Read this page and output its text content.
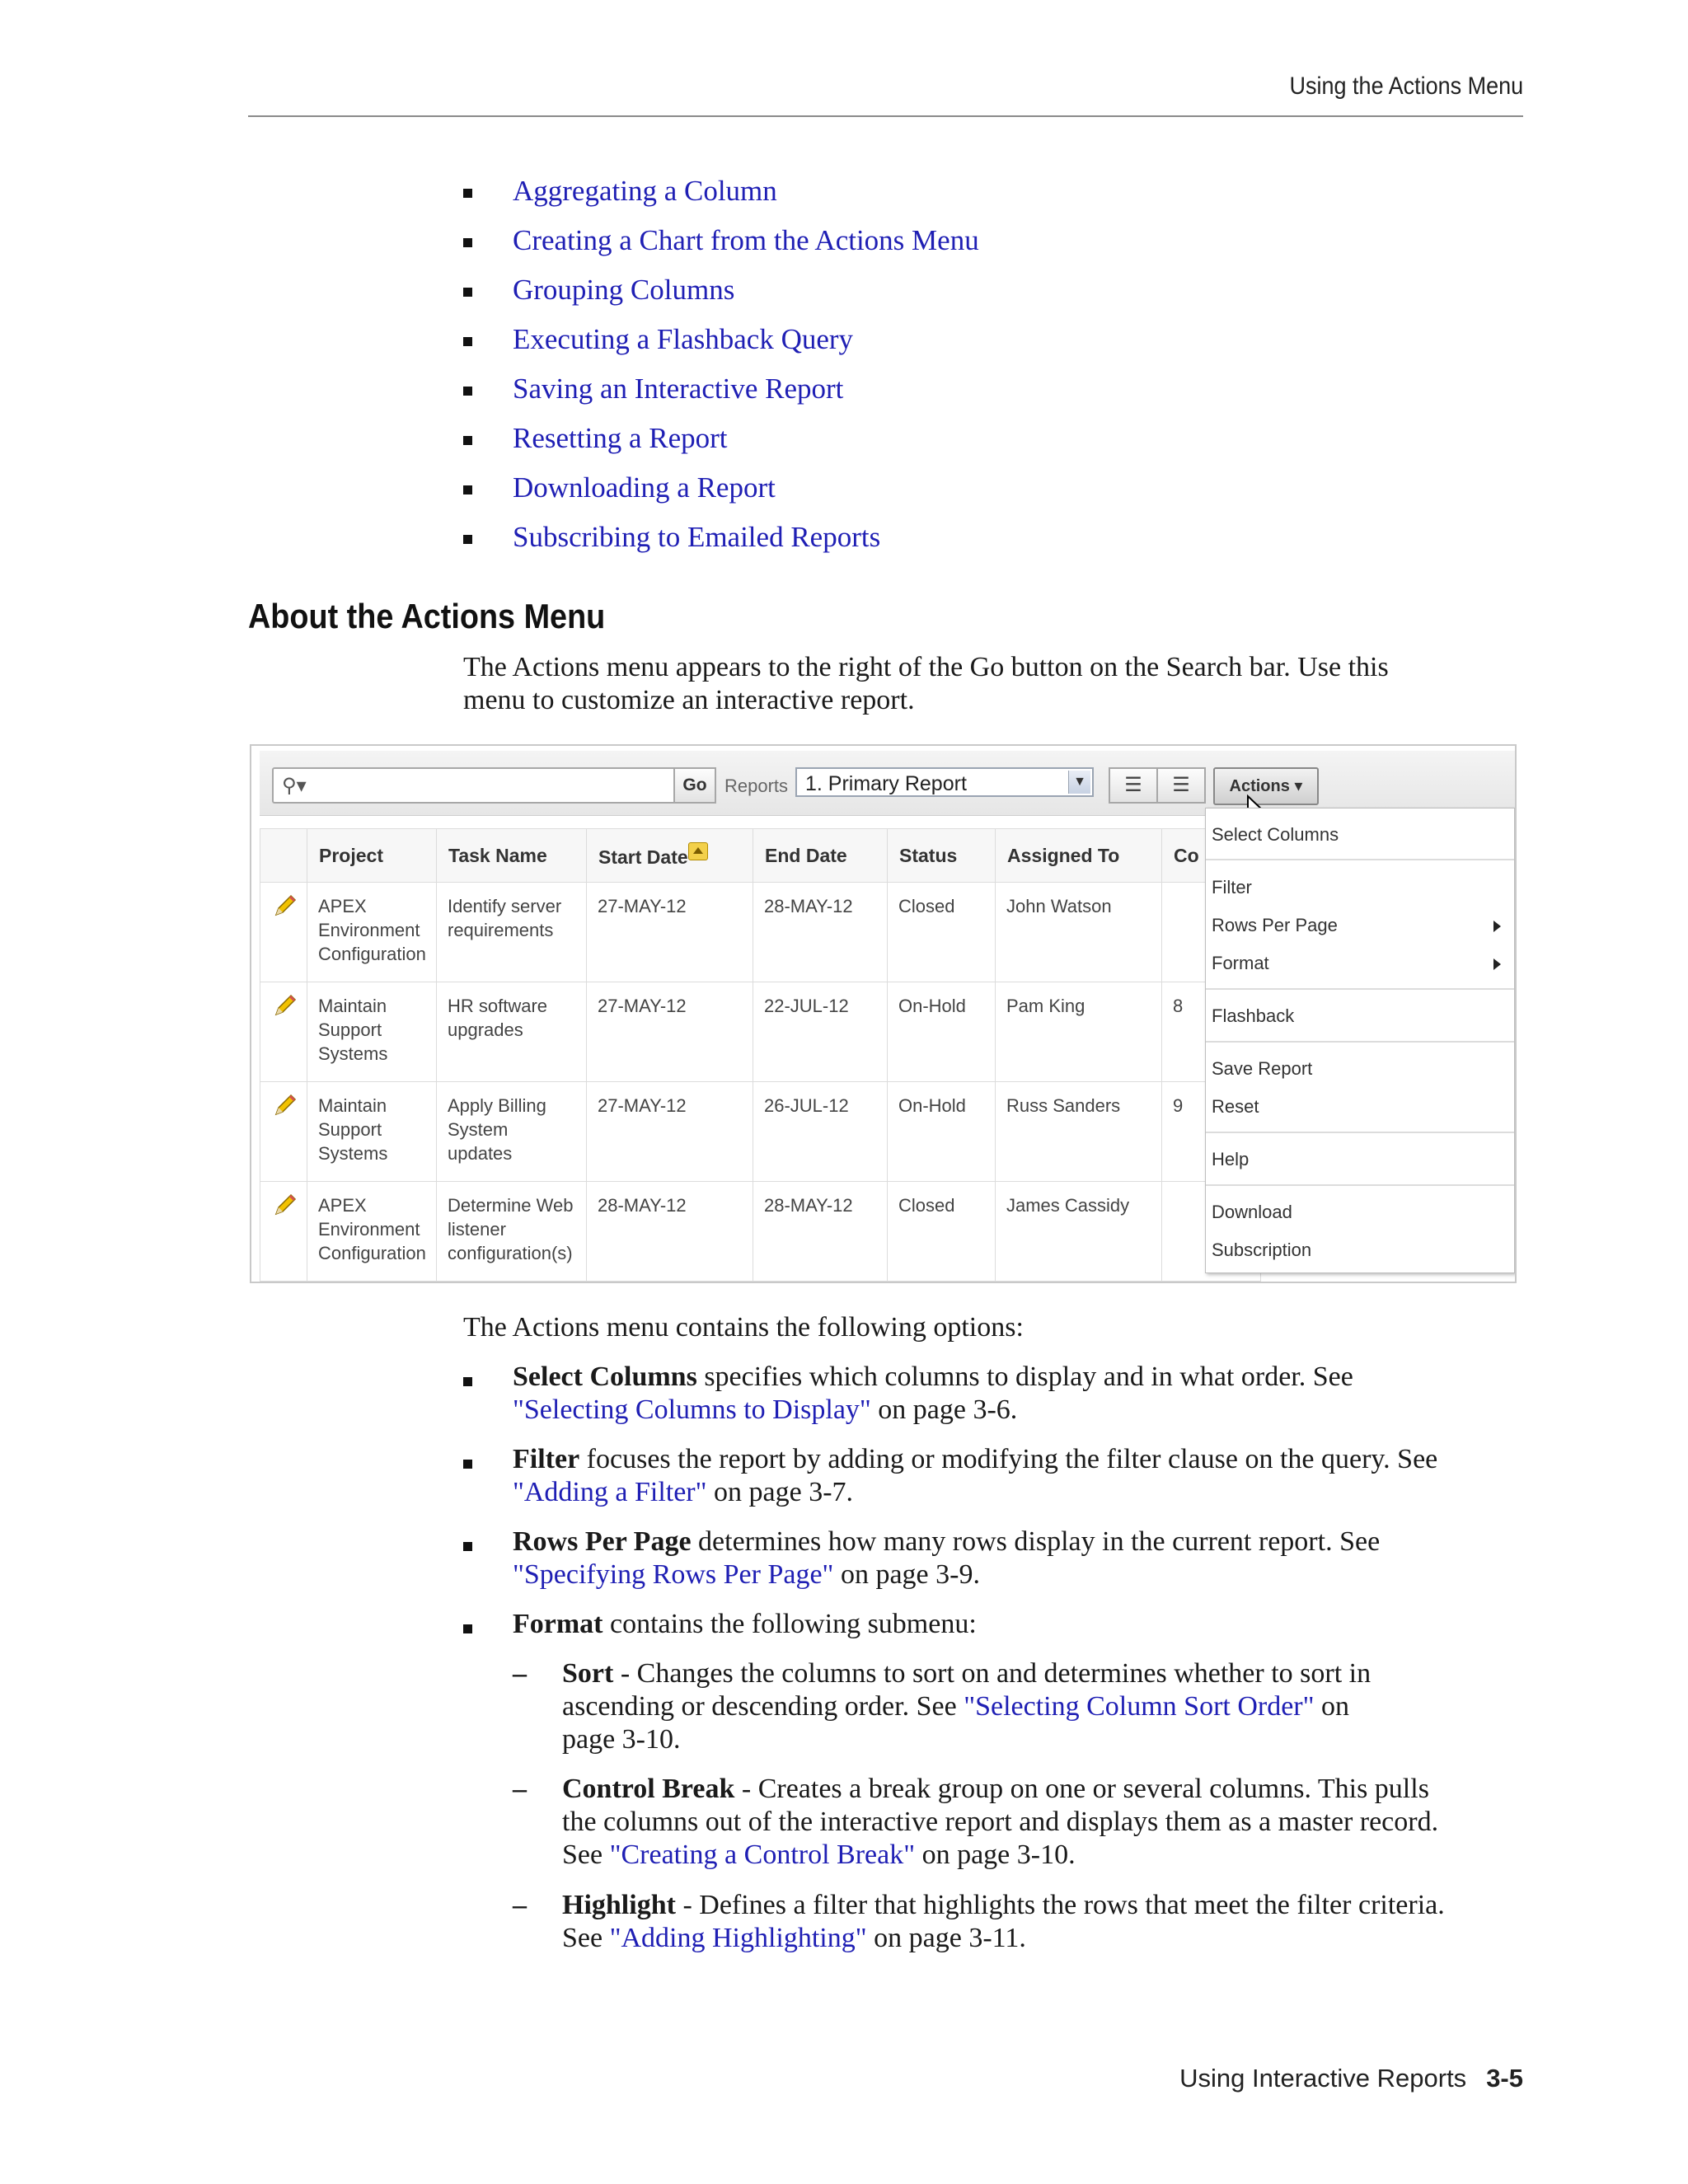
Using the Actions Menu
Aggregating a Column
Creating a Chart from the Actions Menu
Grouping Columns
Executing a Flashback Query
Saving an Interactive Report
Resetting a Report
Downloading a Report
Subscribing to Emailed Reports
About the Actions Menu

The Actions menu appears to the right of the Go button on the Search bar. Use this
menu to customize an interactive report.

⚲▾	Go Reports 1. Primary Report	▼	☰	☰	Actions ▾
	Project	Task Name	Start Date	End Date	Status	Assigned To	Co
	APEX
Environment
Configuration	Identify server
requirements	27-MAY-12	28-MAY-12	Closed	John Watson	
	Maintain
Support
Systems	HR software
upgrades	27-MAY-12	22-JUL-12	On-Hold	Pam King	8
	Maintain
Support
Systems	Apply Billing
System
updates	27-MAY-12	26-JUL-12	On-Hold	Russ Sanders	9
	APEX
Environment
Configuration	Determine Web
listener
configuration(s)	28-MAY-12	28-MAY-12	Closed	James Cassidy	
Select Columns
Filter
Rows Per Page
Format
Flashback
Save Report
Reset
Help
Download
Subscription

The Actions menu contains the following options:

Select Columns specifies which columns to display and in what order. See
"Selecting Columns to Display" on page 3-6.
Filter focuses the report by adding or modifying the filter clause on the query. See
"Adding a Filter" on page 3-7.
Rows Per Page determines how many rows display in the current report. See
"Specifying Rows Per Page" on page 3-9.
Format contains the following submenu:
– Sort - Changes the columns to sort on and determines whether to sort in
ascending or descending order. See "Selecting Column Sort Order" on
page 3-10.
– Control Break - Creates a break group on one or several columns. This pulls
the columns out of the interactive report and displays them as a master record.
See "Creating a Control Break" on page 3-10.
– Highlight - Defines a filter that highlights the rows that meet the filter criteria.
See "Adding Highlighting" on page 3-11.
Using Interactive Reports 3-5
